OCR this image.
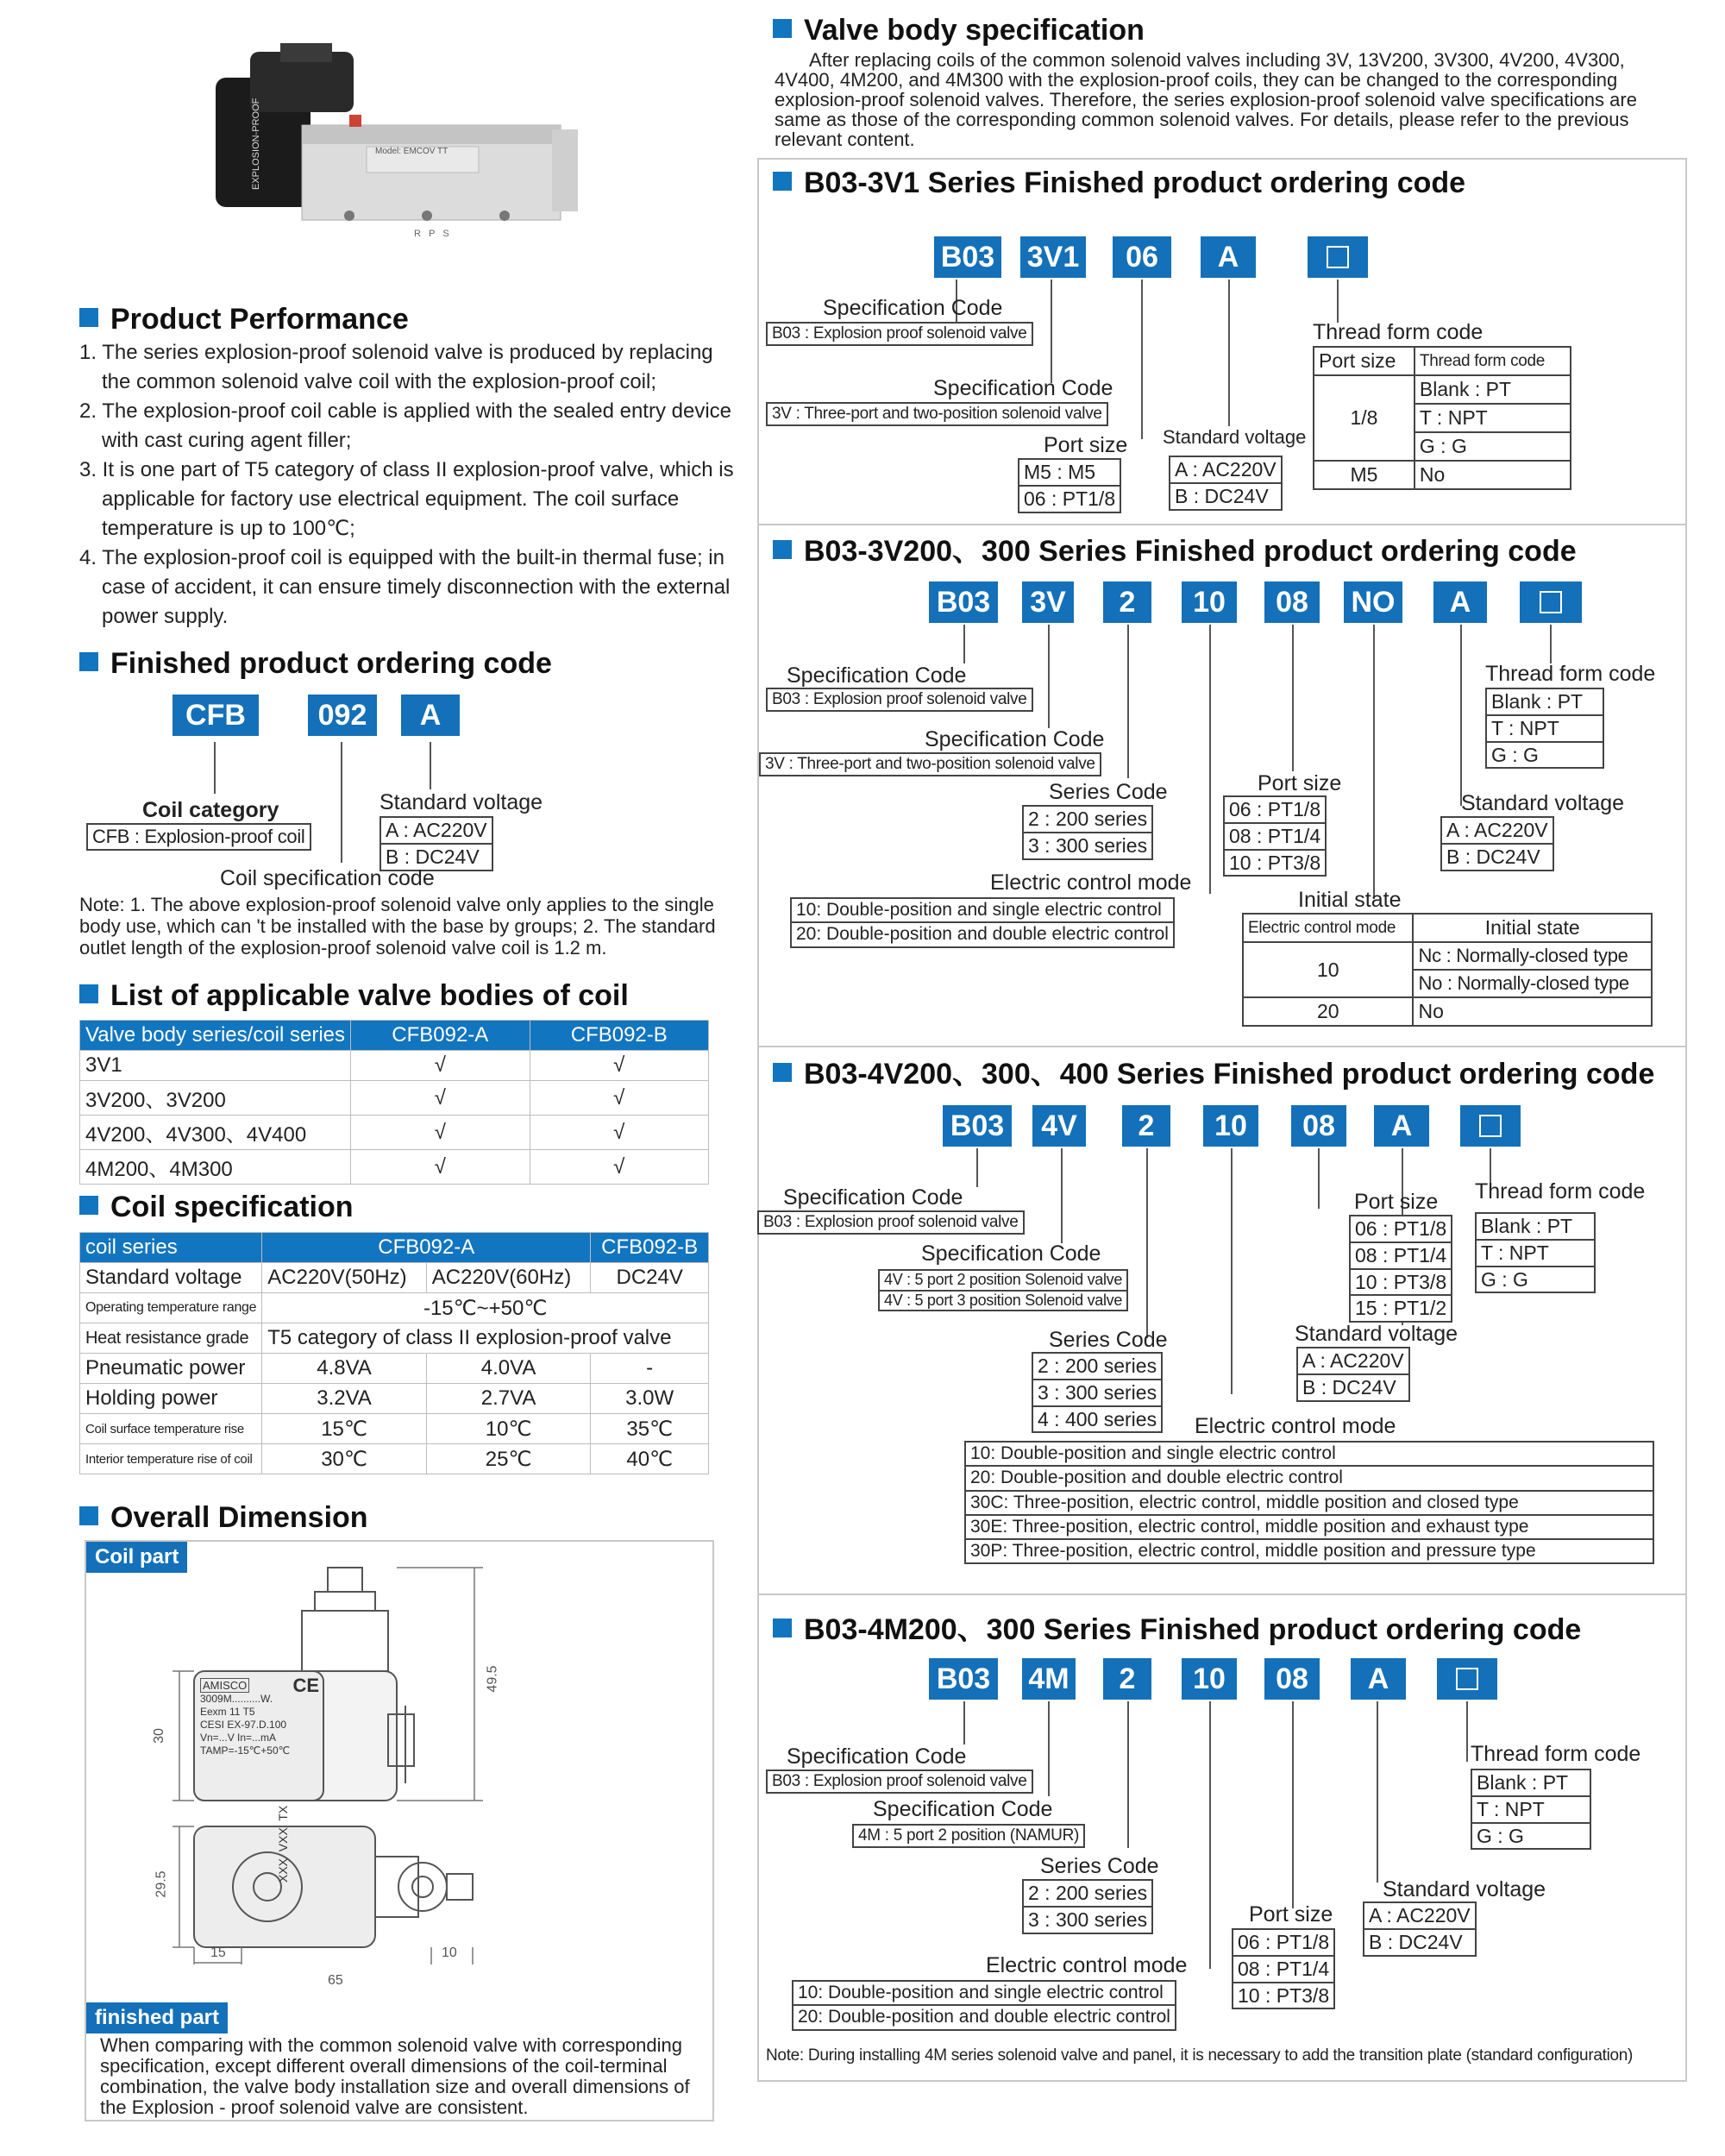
EXPLOSION-PROOF	Model: EMCOV TT
R   P   S
Product Performance
1. The series explosion-proof solenoid valve is produced by replacing the common solenoid valve coil with the explosion-proof coil;
2. The explosion-proof coil cable is applied with the sealed entry device with cast curing agent filler;
3. It is one part of T5 category of class II explosion-proof valve, which is applicable for factory use electrical equipment. The coil surface temperature is up to 100℃;
4. The explosion-proof coil is equipped with the built-in thermal fuse; in case of accident, it can ensure timely disconnection with the external power supply.
Finished product ordering code
CFB	092	A
Coil category
CFB : Explosion-proof coil
Standard voltage
A : AC220V
B : DC24V
Coil specification code
Note: 1. The above explosion-proof solenoid valve only applies to the single body use, which can 't be installed with the base by groups; 2. The standard outlet length of the explosion-proof solenoid valve coil is 1.2 m.
List of applicable valve bodies of coil
Valve body series/coil series	CFB092-A	CFB092-B
3V1	√	√
3V200、3V200	√	√
4V200、4V300、4V400	√	√
4M200、4M300	√	√
Coil specification
coil series	CFB092-A		CFB092-B
Standard voltage	AC220V(50Hz)	AC220V(60Hz)	DC24V
Operating temperature range	-15℃~+50℃		
Heat resistance grade	T5 category of class II explosion-proof valve		
Pneumatic power	4.8VA	4.0VA	-
Holding power	3.2VA	2.7VA	3.0W
Coil surface temperature rise	15℃	10℃	35℃
Interior temperature rise of coil	30℃	25℃	40℃
Overall Dimension
Coil part
AMISCO CE
3009M..........W.
Eexm 11 T5
CESI EX-97.D.100
Vn=...V In=...mA
TAMP=-15℃+50℃
XXX  VXX  TX
49.5
30
29.5
15	10
65
finished part
When comparing with the common solenoid valve with corresponding specification, except different overall dimensions of the coil-terminal combination, the valve body installation size and overall dimensions of the Explosion - proof solenoid valve are consistent.
Valve body specification
After replacing coils of the common solenoid valves including 3V, 13V200, 3V300, 4V200, 4V300, 4V400, 4M200, and 4M300 with the explosion-proof coils, they can be changed to the corresponding explosion-proof solenoid valves. Therefore, the series explosion-proof solenoid valve specifications are same as those of the corresponding common solenoid valves. For details, please refer to the previous relevant content.
B03-3V1 Series Finished product ordering code
B03 3V1	06	A
Specification Code
B03 : Explosion proof solenoid valve
Specification Code
3V : Three-port and two-position solenoid valve
Port size
M5 : M5
06 : PT1/8
Standard voltage
A : AC220V
B : DC24V
Thread form code
Port size	Thread form code
1/8	Blank : PT
	T : NPT
	G : G
M5	No
B03-3V200、300 Series Finished product ordering code
B03 3V	2	10	08	NO	A
Specification Code
B03 : Explosion proof solenoid valve
Specification Code
3V : Three-port and two-position solenoid valve
Series Code
2 : 200 series
3 : 300 series
Port size
06 : PT1/8
08 : PT1/4
10 : PT3/8
Thread form code
Blank : PT
T : NPT
G : G
Standard voltage
A : AC220V
B : DC24V
Electric control mode
10: Double-position and single electric control
20: Double-position and double electric control
Initial state
Electric control mode	Initial state
10	Nc : Normally-closed type
	No : Normally-closed type
20	No
B03-4V200、300、400 Series Finished product ordering code
B03	4V	2	10	08	A
Specification Code
B03 : Explosion proof solenoid valve
Specification Code
4V : 5 port 2 position Solenoid valve
4V : 5 port 3 position Solenoid valve
Series Code
2 : 200 series
3 : 300 series
4 : 400 series
Port size
06 : PT1/8
08 : PT1/4
10 : PT3/8
15 : PT1/2
Thread form code
Blank : PT
T : NPT
G : G
Standard voltage
A : AC220V
B : DC24V
Electric control mode
10: Double-position and single electric control
20: Double-position and double electric control
30C: Three-position, electric control, middle position and closed type
30E: Three-position, electric control, middle position and exhaust type
30P: Three-position, electric control, middle position and pressure type
B03-4M200、300 Series Finished product ordering code
B03 4M	2	10	08	A
Specification Code
B03 : Explosion proof solenoid valve
Specification Code
4M : 5 port 2 position (NAMUR)
Series Code
2 : 200 series
3 : 300 series	Port size
06 : PT1/8
08 : PT1/4
10 : PT3/8
Thread form code
Blank : PT
T : NPT
G : G
Standard voltage
A : AC220V
B : DC24V
Electric control mode
10: Double-position and single electric control
20: Double-position and double electric control
Note: During installing 4M series solenoid valve and panel, it is necessary to add the transition plate (standard configuration)
